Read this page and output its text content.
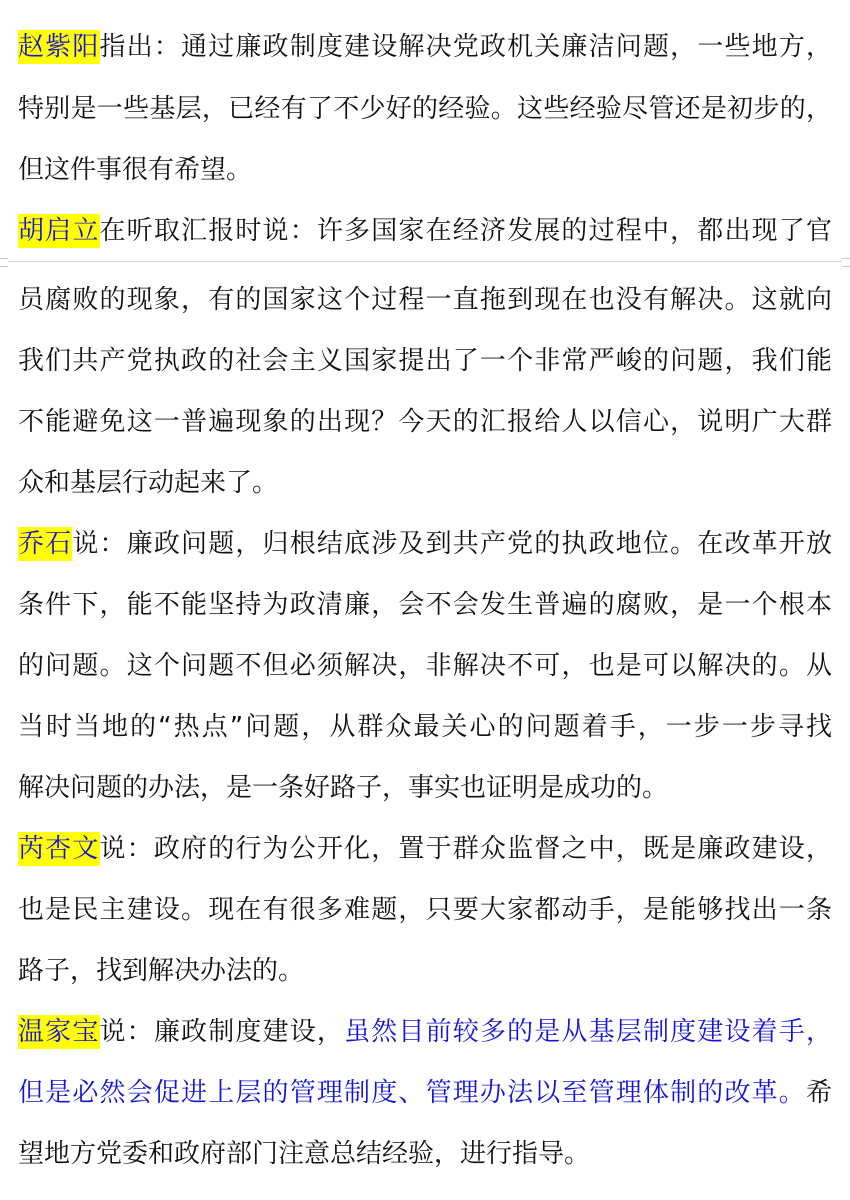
赵紫阳指出：通过廉政制度建设解决党政机关廉洁问题，一些地方，
特别是一些基层，已经有了不少好的经验。这些经验尽管还是初步的，
但这件事很有希望。
胡启立在听取汇报时说：许多国家在经济发展的过程中，都出现了官
员腐败的现象，有的国家这个过程一直拖到现在也没有解决。这就向
我们共产党执政的社会主义国家提出了一个非常严峻的问题，我们能
不能避免这一普遍现象的出现？今天的汇报给人以信心，说明广大群
众和基层行动起来了。
乔石说：廉政问题，归根结底涉及到共产党的执政地位。在改革开放
条件下，能不能坚持为政清廉，会不会发生普遍的腐败，是一个根本
的问题。这个问题不但必须解决，非解决不可，也是可以解决的。从
当时当地的“热点”问题，从群众最关心的问题着手，一步一步寻找
解决问题的办法，是一条好路子，事实也证明是成功的。
芮杏文说：政府的行为公开化，置于群众监督之中，既是廉政建设，
也是民主建设。现在有很多难题，只要大家都动手，是能够找出一条
路子，找到解决办法的。
温家宝说：廉政制度建设，虽然目前较多的是从基层制度建设着手，
但是必然会促进上层的管理制度、管理办法以至管理体制的改革。希
望地方党委和政府部门注意总结经验，进行指导。
